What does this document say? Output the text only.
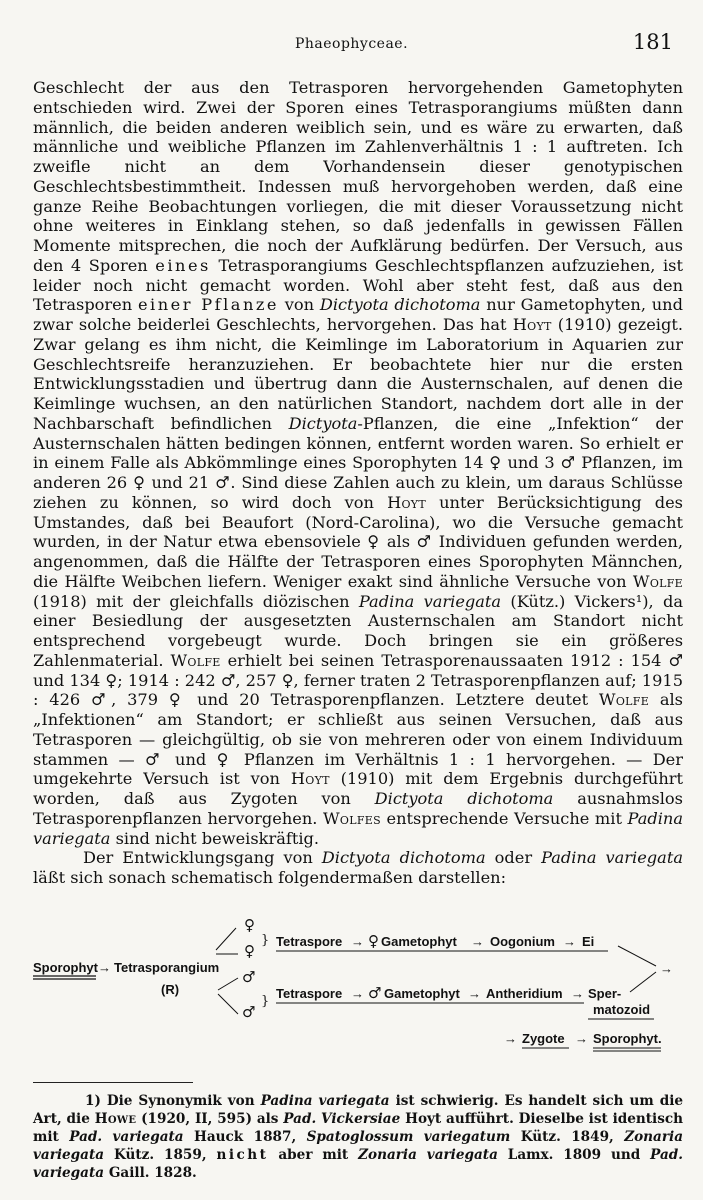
Phaeophyceae.	181

Geschlecht der aus den Tetrasporen hervorgehenden Gametophyten entschieden wird. Zwei der Sporen eines Tetrasporangiums müßten dann männlich, die beiden anderen weiblich sein, und es wäre zu erwarten, daß männliche und weibliche Pflanzen im Zahlenverhältnis 1 : 1 auftreten. Ich zweifle nicht an dem Vorhandensein dieser genotypischen Geschlechtsbestimmtheit. Indessen muß hervorgehoben werden, daß eine ganze Reihe Beobachtungen vorliegen, die mit dieser Voraussetzung nicht ohne weiteres in Einklang stehen, so daß jedenfalls in gewissen Fällen Momente mitsprechen, die noch der Aufklärung bedürfen. Der Versuch, aus den 4 Sporen eines Tetrasporangiums Geschlechtspflanzen aufzuziehen, ist leider noch nicht gemacht worden. Wohl aber steht fest, daß aus den Tetrasporen einer Pflanze von Dictyota dichotoma nur Gametophyten, und zwar solche beiderlei Geschlechts, hervorgehen. Das hat Hoyt (1910) gezeigt. Zwar gelang es ihm nicht, die Keimlinge im Laboratorium in Aquarien zur Geschlechtsreife heranzuziehen. Er beobachtete hier nur die ersten Entwicklungsstadien und übertrug dann die Austernschalen, auf denen die Keimlinge wuchsen, an den natürlichen Standort, nachdem dort alle in der Nachbarschaft befindlichen Dictyota-Pflanzen, die eine „Infektion“ der Austernschalen hätten bedingen können, entfernt worden waren. So erhielt er in einem Falle als Abkömmlinge eines Sporophyten 14 ♀ und 3 ♂ Pflanzen, im anderen 26 ♀ und 21 ♂. Sind diese Zahlen auch zu klein, um daraus Schlüsse ziehen zu können, so wird doch von Hoyt unter Berücksichtigung des Umstandes, daß bei Beaufort (Nord-Carolina), wo die Versuche gemacht wurden, in der Natur etwa ebensoviele ♀ als ♂ Individuen gefunden werden, angenommen, daß die Hälfte der Tetrasporen eines Sporophyten Männchen, die Hälfte Weibchen liefern. Weniger exakt sind ähnliche Versuche von Wolfe (1918) mit der gleichfalls diözischen Padina variegata (Kütz.) Vickers¹), da einer Besiedlung der ausgesetzten Austernschalen am Standort nicht entsprechend vorgebeugt wurde. Doch bringen sie ein größeres Zahlenmaterial. Wolfe erhielt bei seinen Tetrasporenaussaaten 1912 : 154 ♂ und 134 ♀; 1914 : 242 ♂, 257 ♀, ferner traten 2 Tetrasporenpflanzen auf; 1915 : 426 ♂, 379 ♀ und 20 Tetrasporenpflanzen. Letztere deutet Wolfe als „Infektionen“ am Standort; er schließt aus seinen Versuchen, daß aus Tetrasporen — gleichgültig, ob sie von mehreren oder von einem Individuum stammen — ♂ und ♀ Pflanzen im Verhältnis 1 : 1 hervorgehen. — Der umgekehrte Versuch ist von Hoyt (1910) mit dem Ergebnis durchgeführt worden, daß aus Zygoten von Dictyota dichotoma ausnahmslos Tetrasporenpflanzen hervorgehen. Wolfes entsprechende Versuche mit Padina variegata sind nicht beweiskräftig.

Der Entwicklungsgang von Dictyota dichotoma oder Padina variegata läßt sich sonach schematisch folgendermaßen darstellen:

Sporophyt → Tetrasporangium
(R)
♀
♀
♂
♂
}
}
Tetraspore → ♀ Gametophyt → Oogonium → Ei
Tetraspore → ♂ Gametophyt → Antheridium → Sper-
matozoid
→
→ Zygote → Sporophyt.

1) Die Synonymik von Padina variegata ist schwierig. Es handelt sich um die Art, die Howe (1920, II, 595) als Pad. Vickersiae Hoyt aufführt. Dieselbe ist identisch mit Pad. variegata Hauck 1887, Spatoglossum variegatum Kütz. 1849, Zonaria variegata Kütz. 1859, nicht aber mit Zonaria variegata Lamx. 1809 und Pad. variegata Gaill. 1828.
